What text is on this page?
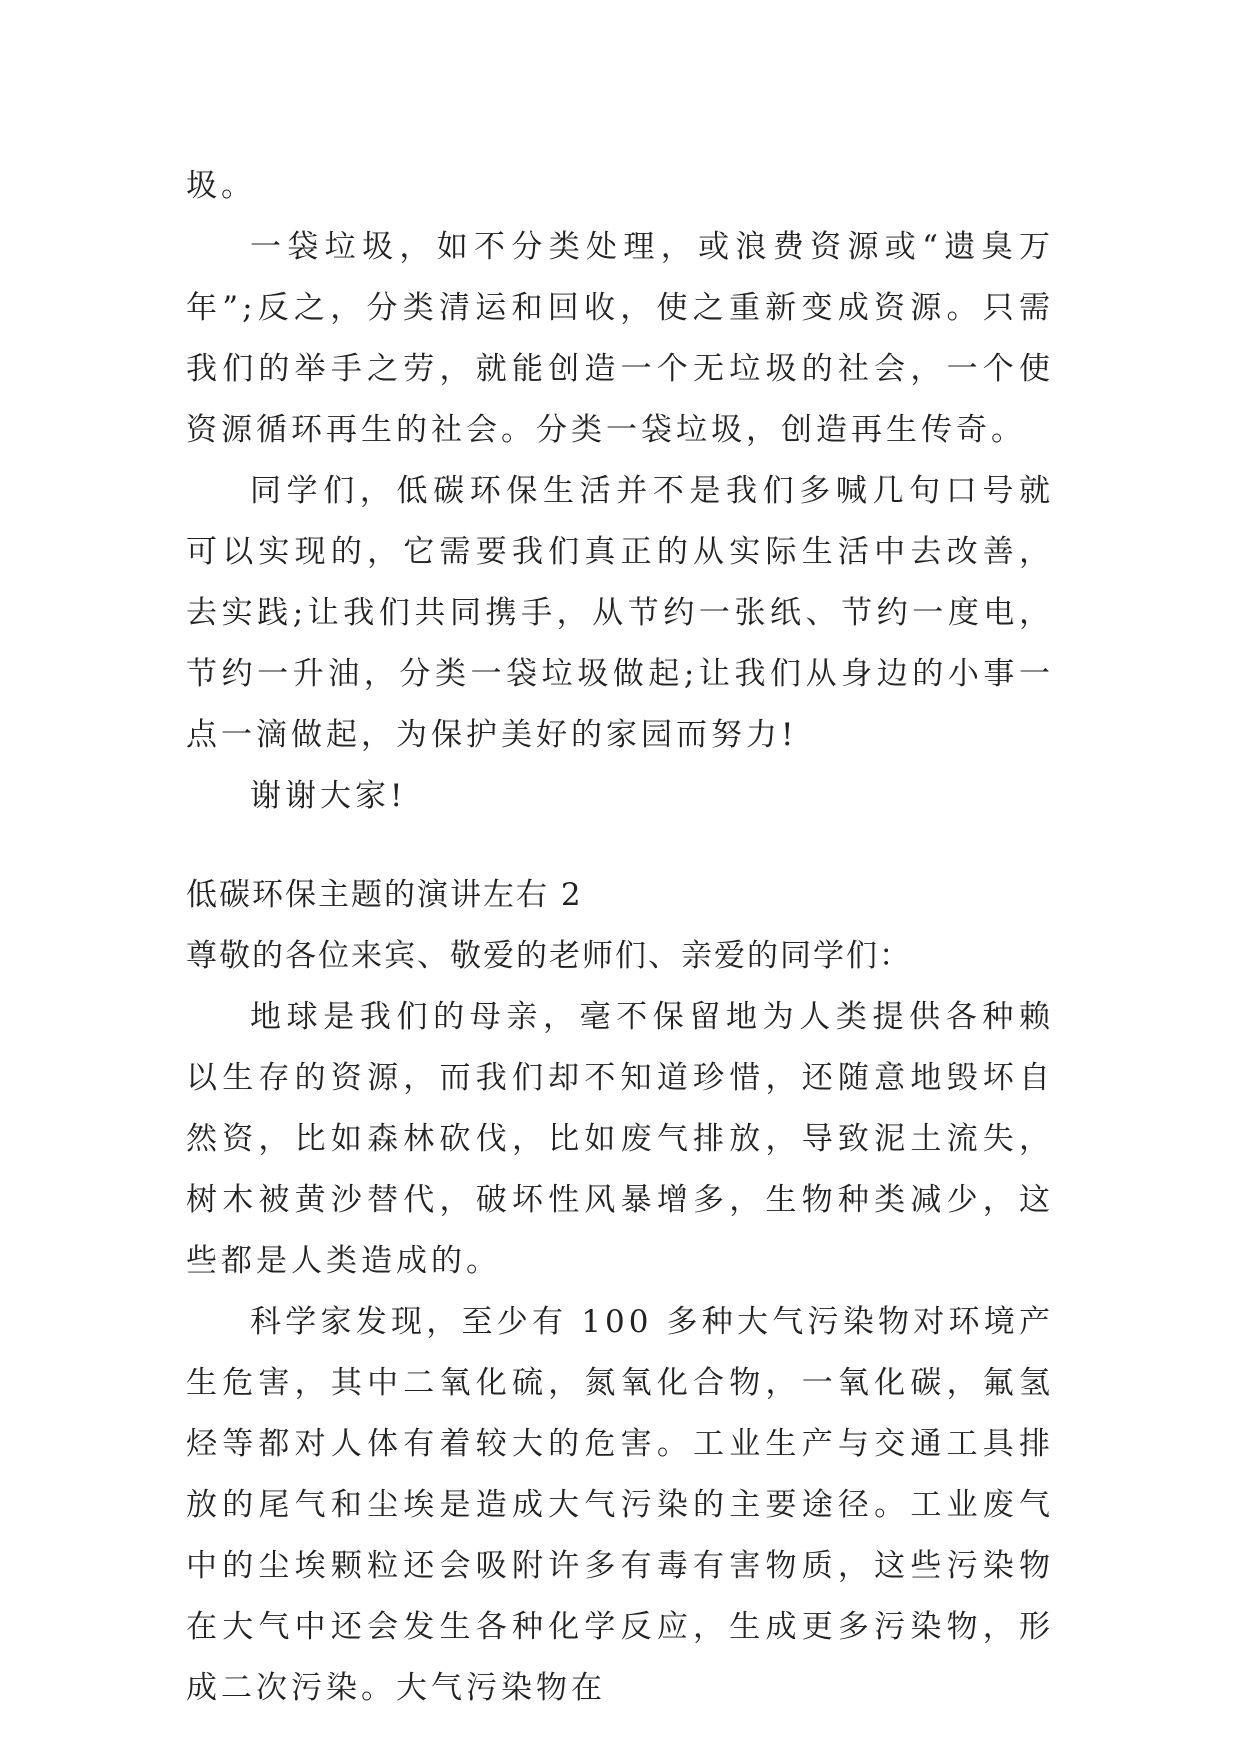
圾。

一袋垃圾，如不分类处理，或浪费资源或“遗臭万年”;反之，分类清运和回收，使之重新变成资源。只需我们的举手之劳，就能创造一个无垃圾的社会，一个使资源循环再生的社会。分类一袋垃圾，创造再生传奇。

同学们，低碳环保生活并不是我们多喊几句口号就可以实现的，它需要我们真正的从实际生活中去改善，去实践;让我们共同携手，从节约一张纸、节约一度电，节约一升油，分类一袋垃圾做起;让我们从身边的小事一点一滴做起，为保护美好的家园而努力!

谢谢大家!

低碳环保主题的演讲左右 2

尊敬的各位来宾、敬爱的老师们、亲爱的同学们：

地球是我们的母亲，毫不保留地为人类提供各种赖以生存的资源，而我们却不知道珍惜，还随意地毁坏自然资，比如森林砍伐，比如废气排放，导致泥土流失，树木被黄沙替代，破坏性风暴增多，生物种类减少，这些都是人类造成的。

科学家发现，至少有 100 多种大气污染物对环境产生危害，其中二氧化硫，氮氧化合物，一氧化碳，氟氢烃等都对人体有着较大的危害。工业生产与交通工具排放的尾气和尘埃是造成大气污染的主要途径。工业废气中的尘埃颗粒还会吸附许多有毒有害物质，这些污染物在大气中还会发生各种化学反应，生成更多污染物，形成二次污染。大气污染物在
